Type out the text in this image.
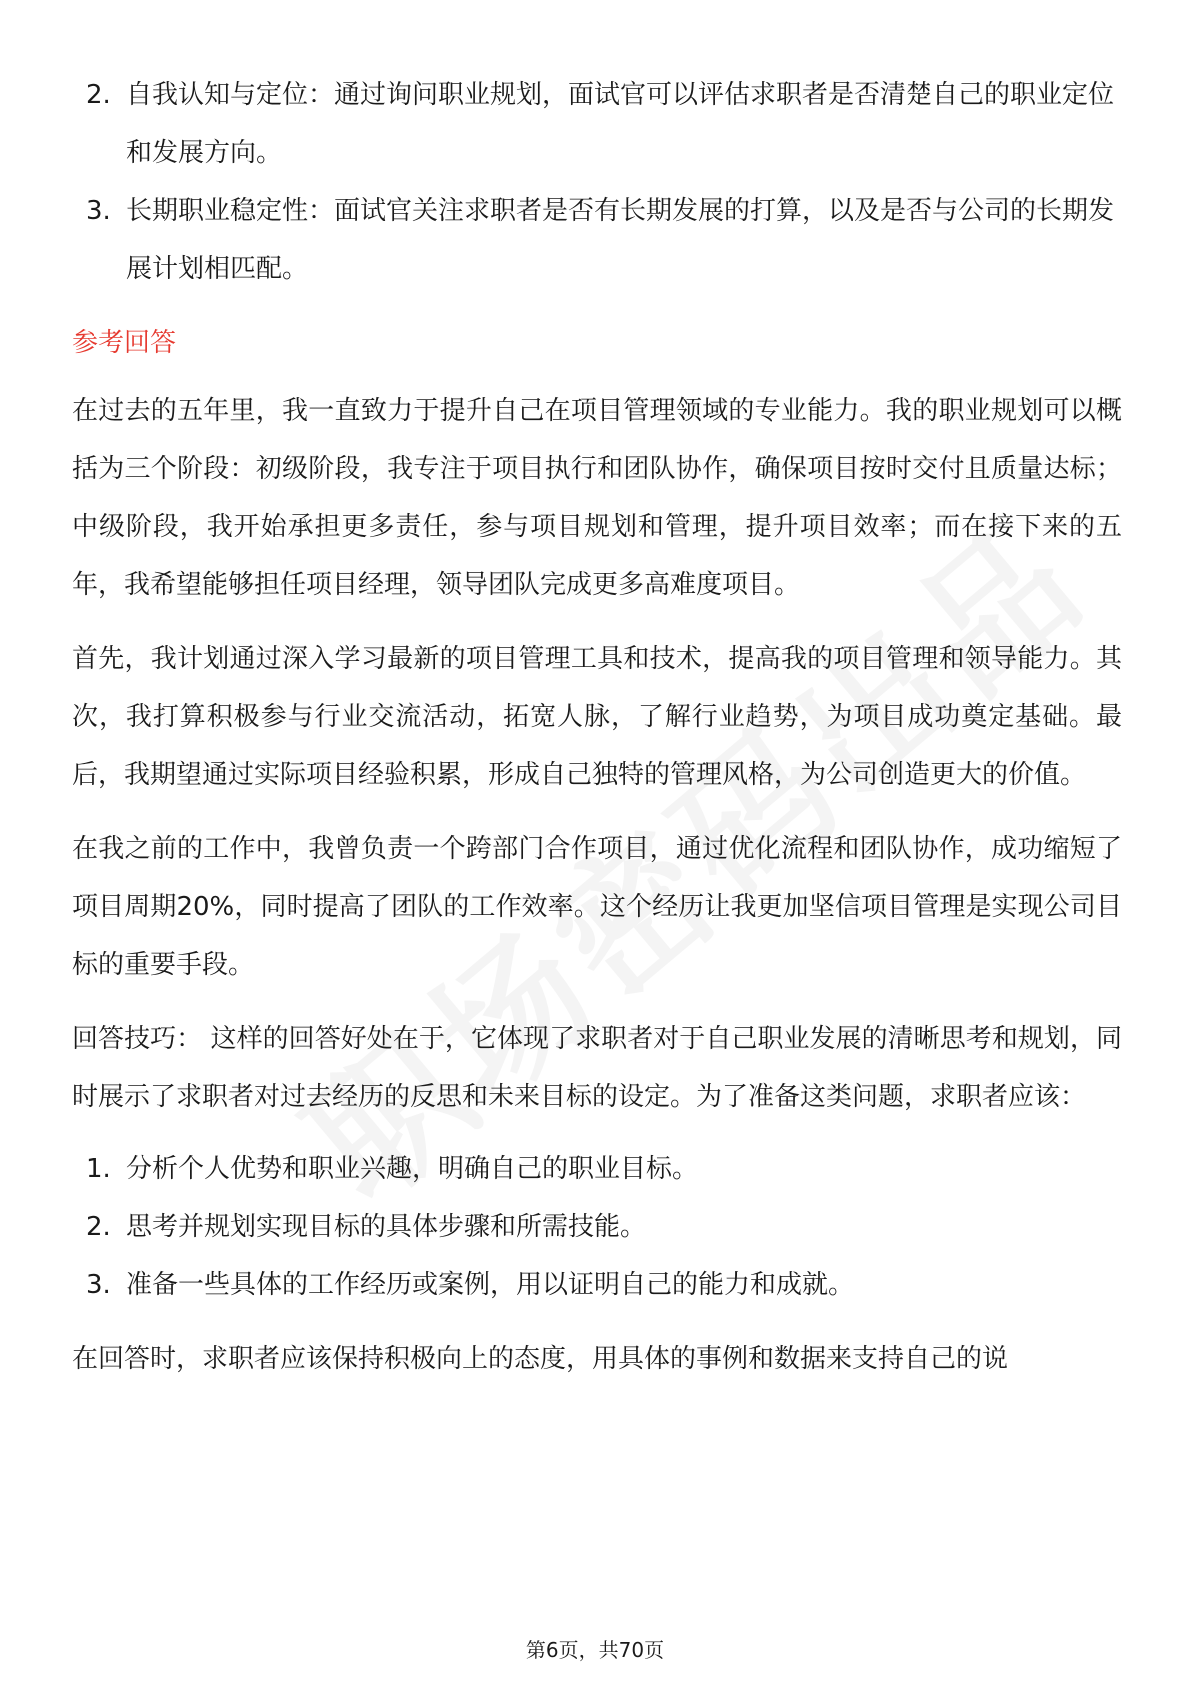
2. 自我认知与定位：通过询问职业规划，面试官可以评估求职者是否清楚自己的职业定位和发展方向。
3. 长期职业稳定性：面试官关注求职者是否有长期发展的打算，以及是否与公司的长期发展计划相匹配。
参考回答
在过去的五年里，我一直致力于提升自己在项目管理领域的专业能力。我的职业规划可以概括为三个阶段：初级阶段，我专注于项目执行和团队协作，确保项目按时交付且质量达标；中级阶段，我开始承担更多责任，参与项目规划和管理，提升项目效率；而在接下来的五年，我希望能够担任项目经理，领导团队完成更多高难度项目。
首先，我计划通过深入学习最新的项目管理工具和技术，提高我的项目管理和领导能力。其次，我打算积极参与行业交流活动，拓宽人脉，了解行业趋势，为项目成功奠定基础。最后，我期望通过实际项目经验积累，形成自己独特的管理风格，为公司创造更大的价值。
在我之前的工作中，我曾负责一个跨部门合作项目，通过优化流程和团队协作，成功缩短了项目周期20%，同时提高了团队的工作效率。这个经历让我更加坚信项目管理是实现公司目标的重要手段。
回答技巧： 这样的回答好处在于，它体现了求职者对于自己职业发展的清晰思考和规划，同时展示了求职者对过去经历的反思和未来目标的设定。为了准备这类问题，求职者应该：
1. 分析个人优势和职业兴趣，明确自己的职业目标。
2. 思考并规划实现目标的具体步骤和所需技能。
3. 准备一些具体的工作经历或案例，用以证明自己的能力和成就。
在回答时，求职者应该保持积极向上的态度，用具体的事例和数据来支持自己的说
第6页，共70页
